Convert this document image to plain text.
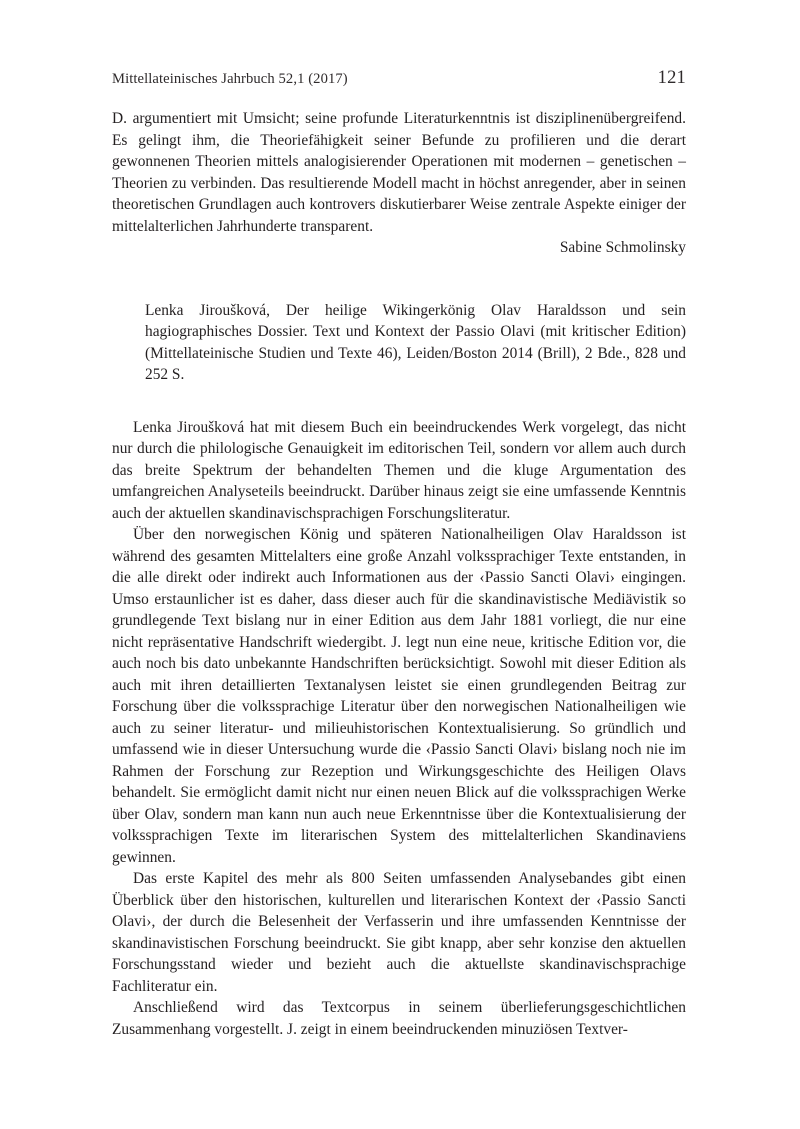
Mittellateinisches Jahrbuch 52,1 (2017)	121

D. argumentiert mit Umsicht; seine profunde Literaturkenntnis ist disziplinenübergreifend. Es gelingt ihm, die Theoriefähigkeit seiner Befunde zu profilieren und die derart gewonnenen Theorien mittels analogisierender Operationen mit modernen – genetischen – Theorien zu verbinden. Das resultierende Modell macht in höchst anregender, aber in seinen theoretischen Grundlagen auch kontrovers diskutierbarer Weise zentrale Aspekte einiger der mittelalterlichen Jahrhunderte transparent.

Sabine Schmolinsky

Lenka Jiroušková, Der heilige Wikingerkönig Olav Haraldsson und sein hagiographisches Dossier. Text und Kontext der Passio Olavi (mit kritischer Edition) (Mittellateinische Studien und Texte 46), Leiden/Boston 2014 (Brill), 2 Bde., 828 und 252 S.

Lenka Jiroušková hat mit diesem Buch ein beeindruckendes Werk vorgelegt, das nicht nur durch die philologische Genauigkeit im editorischen Teil, sondern vor allem auch durch das breite Spektrum der behandelten Themen und die kluge Argumentation des umfangreichen Analyseteils beeindruckt. Darüber hinaus zeigt sie eine umfassende Kenntnis auch der aktuellen skandinavischsprachigen Forschungsliteratur.

Über den norwegischen König und späteren Nationalheiligen Olav Haraldsson ist während des gesamten Mittelalters eine große Anzahl volkssprachiger Texte entstanden, in die alle direkt oder indirekt auch Informationen aus der ‹Passio Sancti Olavi› eingingen. Umso erstaunlicher ist es daher, dass dieser auch für die skandinavistische Mediävistik so grundlegende Text bislang nur in einer Edition aus dem Jahr 1881 vorliegt, die nur eine nicht repräsentative Handschrift wiedergibt. J. legt nun eine neue, kritische Edition vor, die auch noch bis dato unbekannte Handschriften berücksichtigt. Sowohl mit dieser Edition als auch mit ihren detaillierten Textanalysen leistet sie einen grundlegenden Beitrag zur Forschung über die volkssprachige Literatur über den norwegischen Nationalheiligen wie auch zu seiner literatur- und milieuhistorischen Kontextualisierung. So gründlich und umfassend wie in dieser Untersuchung wurde die ‹Passio Sancti Olavi› bislang noch nie im Rahmen der Forschung zur Rezeption und Wirkungsgeschichte des Heiligen Olavs behandelt. Sie ermöglicht damit nicht nur einen neuen Blick auf die volkssprachigen Werke über Olav, sondern man kann nun auch neue Erkenntnisse über die Kontextualisierung der volkssprachigen Texte im literarischen System des mittelalterlichen Skandinaviens gewinnen.

Das erste Kapitel des mehr als 800 Seiten umfassenden Analysebandes gibt einen Überblick über den historischen, kulturellen und literarischen Kontext der ‹Passio Sancti Olavi›, der durch die Belesenheit der Verfasserin und ihre umfassenden Kenntnisse der skandinavistischen Forschung beeindruckt. Sie gibt knapp, aber sehr konzise den aktuellen Forschungsstand wieder und bezieht auch die aktuellste skandinavischsprachige Fachliteratur ein.

Anschließend wird das Textcorpus in seinem überlieferungsgeschichtlichen Zusammenhang vorgestellt. J. zeigt in einem beeindruckenden minuziösen Textver-
